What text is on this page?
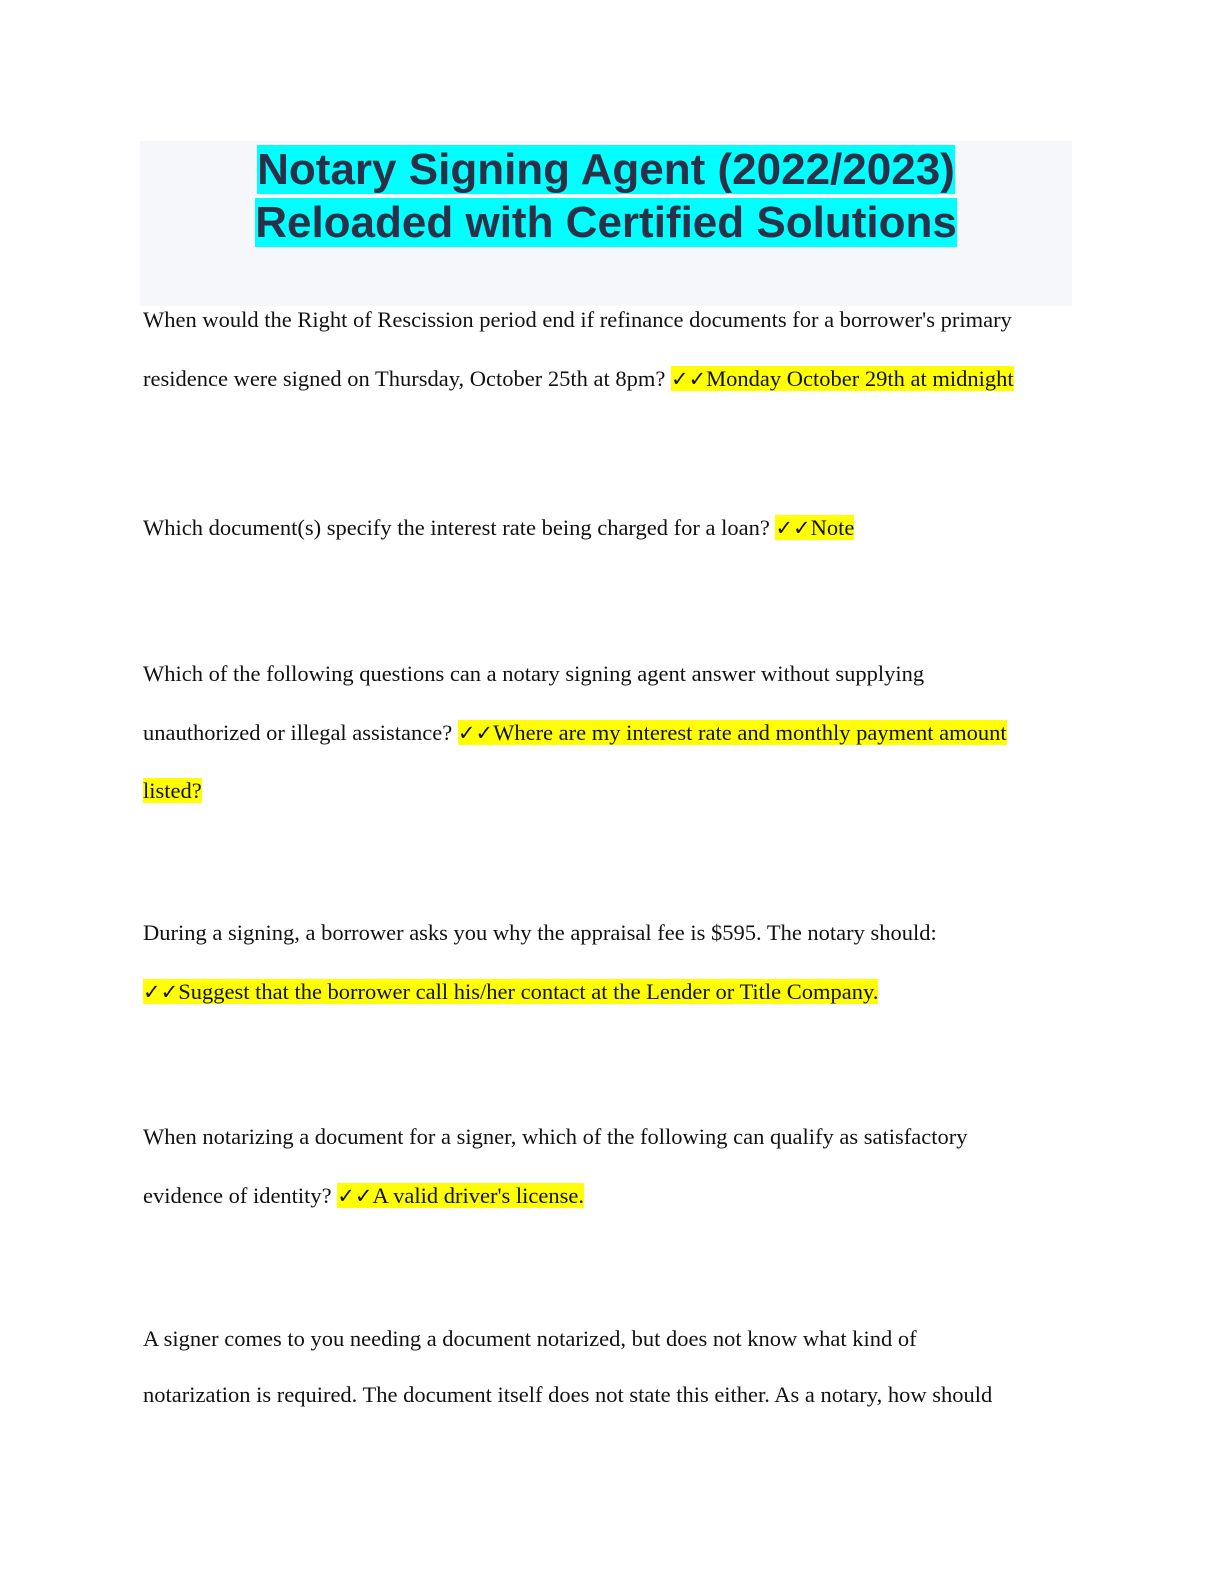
Notary Signing Agent (2022/2023)
Reloaded with Certified Solutions

When would the Right of Rescission period end if refinance documents for a borrower's primary
residence were signed on Thursday, October 25th at 8pm? ✓✓Monday October 29th at midnight

Which document(s) specify the interest rate being charged for a loan? ✓✓Note

Which of the following questions can a notary signing agent answer without supplying
unauthorized or illegal assistance? ✓✓Where are my interest rate and monthly payment amount
listed?

During a signing, a borrower asks you why the appraisal fee is $595. The notary should:
✓✓Suggest that the borrower call his/her contact at the Lender or Title Company.

When notarizing a document for a signer, which of the following can qualify as satisfactory
evidence of identity? ✓✓A valid driver's license.

A signer comes to you needing a document notarized, but does not know what kind of
notarization is required. The document itself does not state this either. As a notary, how should
